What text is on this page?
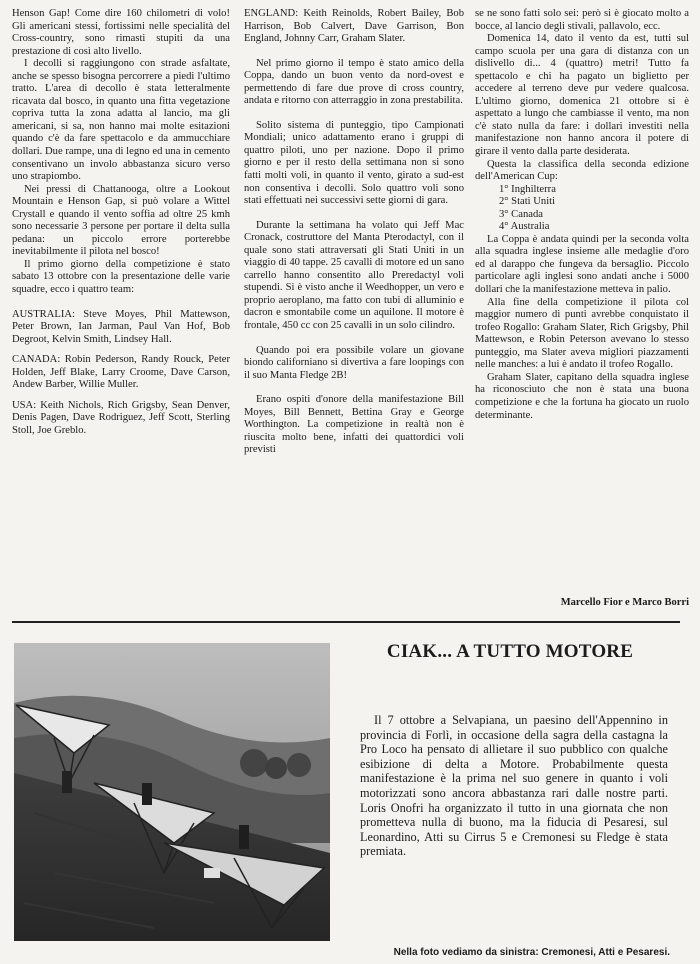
Henson Gap! Come dire 160 chilometri di volo! Gli americani stessi, fortissimi nelle specialità del Cross-country, sono rimasti stupiti da una prestazione di così alto livello.

I decolli si raggiungono con strade asfaltate, anche se spesso bisogna percorrere a piedi l'ultimo tratto. L'area di decollo è stata letteralmente ricavata dal bosco, in quanto una fitta vegetazione copriva tutta la zona adatta al lancio, ma gli americani, si sa, non hanno mai molte esitazioni quando c'è da fare spettacolo e da ammucchiare dollari. Due rampe, una di legno ed una in cemento consentivano un involo abbastanza sicuro verso uno strapiombo.

Nei pressi di Chattanooga, oltre a Lookout Mountain e Henson Gap, si può volare a Wittel Crystall e quando il vento soffia ad oltre 25 kmh sono necessarie 3 persone per portare il delta sulla pedana: un piccolo errore porterebbe inevitabilmente il pilota nel bosco!

Il primo giorno della competizione è stato sabato 13 ottobre con la presentazione delle varie squadre, ecco i quattro team:

AUSTRALIA: Steve Moyes, Phil Mattewson, Peter Brown, Ian Jarman, Paul Van Hof, Bob Degroot, Kelvin Smith, Lindsey Hall.

CANADA: Robin Pederson, Randy Rouck, Peter Holden, Jeff Blake, Larry Croome, Dave Carson, Andew Barber, Willie Muller.

USA: Keith Nichols, Rich Grigsby, Sean Denver, Denis Pagen, Dave Rodriguez, Jeff Scott, Sterling Stoll, Joe Greblo.

ENGLAND: Keith Reinolds, Robert Bailey, Bob Harrison, Bob Calvert, Dave Garrison, Bon England, Johnny Carr, Graham Slater.

Nel primo giorno il tempo è stato amico della Coppa, dando un buon vento da nord-ovest e permettendo di fare due prove di cross country, andata e ritorno con atterraggio in zona prestabilita.

Solito sistema di punteggio, tipo Campionati Mondiali; unico adattamento erano i gruppi di quattro piloti, uno per nazione. Dopo il primo giorno e per il resto della settimana non si sono fatti molti voli, in quanto il vento, girato a sud-est non consentiva i decolli. Solo quattro voli sono stati effettuati nei successivi sette giorni di gara.

Durante la settimana ha volato qui Jeff Mac Cronack, costruttore del Manta Pterodactyl, con il quale sono stati attraversati gli Stati Uniti in un viaggio di 40 tappe. 25 cavalli di motore ed un sano carrello hanno consentito allo Preredactyl voli stupendi. Si è visto anche il Weedhopper, un vero e proprio aeroplano, ma fatto con tubi di alluminio e dacron e smontabile come un aquilone. Il motore è frontale, 450 cc con 25 cavalli in un solo cilindro.

Quando poi era possibile volare un giovane biondo californiano si divertiva a fare loopings con il suo Manta Fledge 2B!

Erano ospiti d'onore della manifestazione Bill Moyes, Bill Bennett, Bettina Gray e George Worthington. La competizione in realtà non è riuscita molto bene, infatti dei quattordici voli previsti

se ne sono fatti solo sei: però si è giocato molto a bocce, al lancio degli stivali, pallavolo, ecc.

Domenica 14, dato il vento da est, tutti sul campo scuola per una gara di distanza con un dislivello di... 4 (quattro) metri! Tutto fa spettacolo e chi ha pagato un biglietto per accedere al terreno deve pur vedere qualcosa. L'ultimo giorno, domenica 21 ottobre si è aspettato a lungo che cambiasse il vento, ma non c'è stato nulla da fare: i dollari investiti nella manifestazione non hanno ancora il potere di girare il vento dalla parte desiderata.

Questa la classifica della seconda edizione dell'American Cup:

1° Inghilterra

2° Stati Uniti

3° Canada

4° Australia

La Coppa è andata quindi per la seconda volta alla squadra inglese insieme alle medaglie d'oro ed al darappo che fungeva da bersaglio. Piccolo particolare agli inglesi sono andati anche i 5000 dollari che la manifestazione metteva in palio.

Alla fine della competizione il pilota col maggior numero di punti avrebbe conquistato il trofeo Rogallo: Graham Slater, Rich Grigsby, Phil Mattewson, e Robin Peterson avevano lo stesso punteggio, ma Slater aveva migliori piazzamenti nelle manches: a lui è andato il trofeo Rogallo.

Graham Slater, capitano della squadra inglese ha riconosciuto che non è stata una buona competizione e che la fortuna ha giocato un ruolo determinante.

Marcello Fior e Marco Borri
CIAK... A TUTTO MOTORE

Il 7 ottobre a Selvapiana, un paesino dell'Appennino in provincia di Forlì, in occasione della sagra della castagna la Pro Loco ha pensato di allietare il suo pubblico con qualche esibizione di delta a Motore. Probabilmente questa manifestazione è la prima nel suo genere in quanto i voli motorizzati sono ancora abbastanza rari dalle nostre parti. Loris Onofri ha organizzato il tutto in una giornata che non prometteva nulla di buono, ma la fiducia di Pesaresi, sul Leonardino, Atti su Cirrus 5 e Cremonesi su Fledge è stata premiata.

Nella foto vediamo da sinistra: Cremonesi, Atti e Pesaresi.
